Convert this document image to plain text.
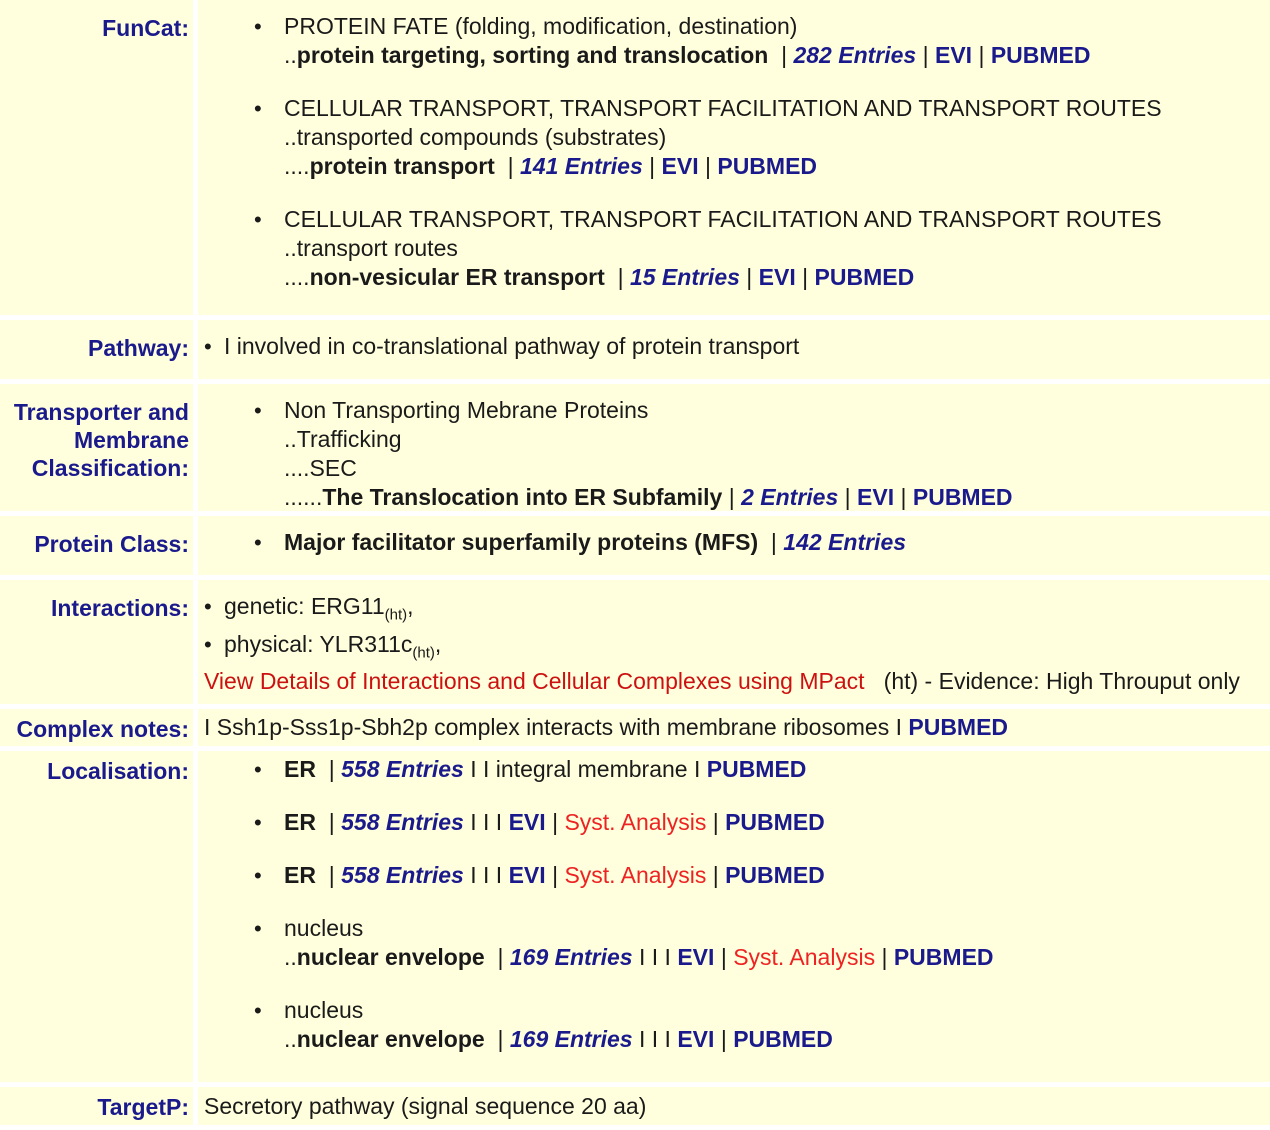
FunCat:	• PROTEIN FATE (folding, modification, destination)
..protein targeting, sorting and translocation | 282 Entries | EVI | PUBMED
• CELLULAR TRANSPORT, TRANSPORT FACILITATION AND TRANSPORT ROUTES
..transported compounds (substrates)
....protein transport | 141 Entries | EVI | PUBMED
• CELLULAR TRANSPORT, TRANSPORT FACILITATION AND TRANSPORT ROUTES
..transport routes
....non-vesicular ER transport | 15 Entries | EVI | PUBMED
Pathway:	• I involved in co-translational pathway of protein transport
Transporter and
Membrane
Classification:
• Non Transporting Mebrane Proteins
..Trafficking
....SEC
......The Translocation into ER Subfamily | 2 Entries | EVI | PUBMED
Protein Class:	• Major facilitator superfamily proteins (MFS) | 142 Entries
Interactions:	• genetic: $ERG11_{(ht)}$,
• physical: $YLR311c_{(ht)}$,
View Details of Interactions and Cellular Complexes using MPact (ht) - Evidence: High Throuput only
Complex notes: I Ssh1p-Sss1p-Sbh2p complex interacts with membrane ribosomes I PUBMED
Localisation:	• ER | 558 Entries I I integral membrane I PUBMED
• ER | 558 Entries I I I EVI | Syst. Analysis | PUBMED
• ER | 558 Entries I I I EVI | Syst. Analysis | PUBMED
• nucleus
..nuclear envelope | 169 Entries I I I EVI | Syst. Analysis | PUBMED
• nucleus
..nuclear envelope | 169 Entries I I I EVI | PUBMED
TargetP: Secretory pathway (signal sequence 20 aa)
